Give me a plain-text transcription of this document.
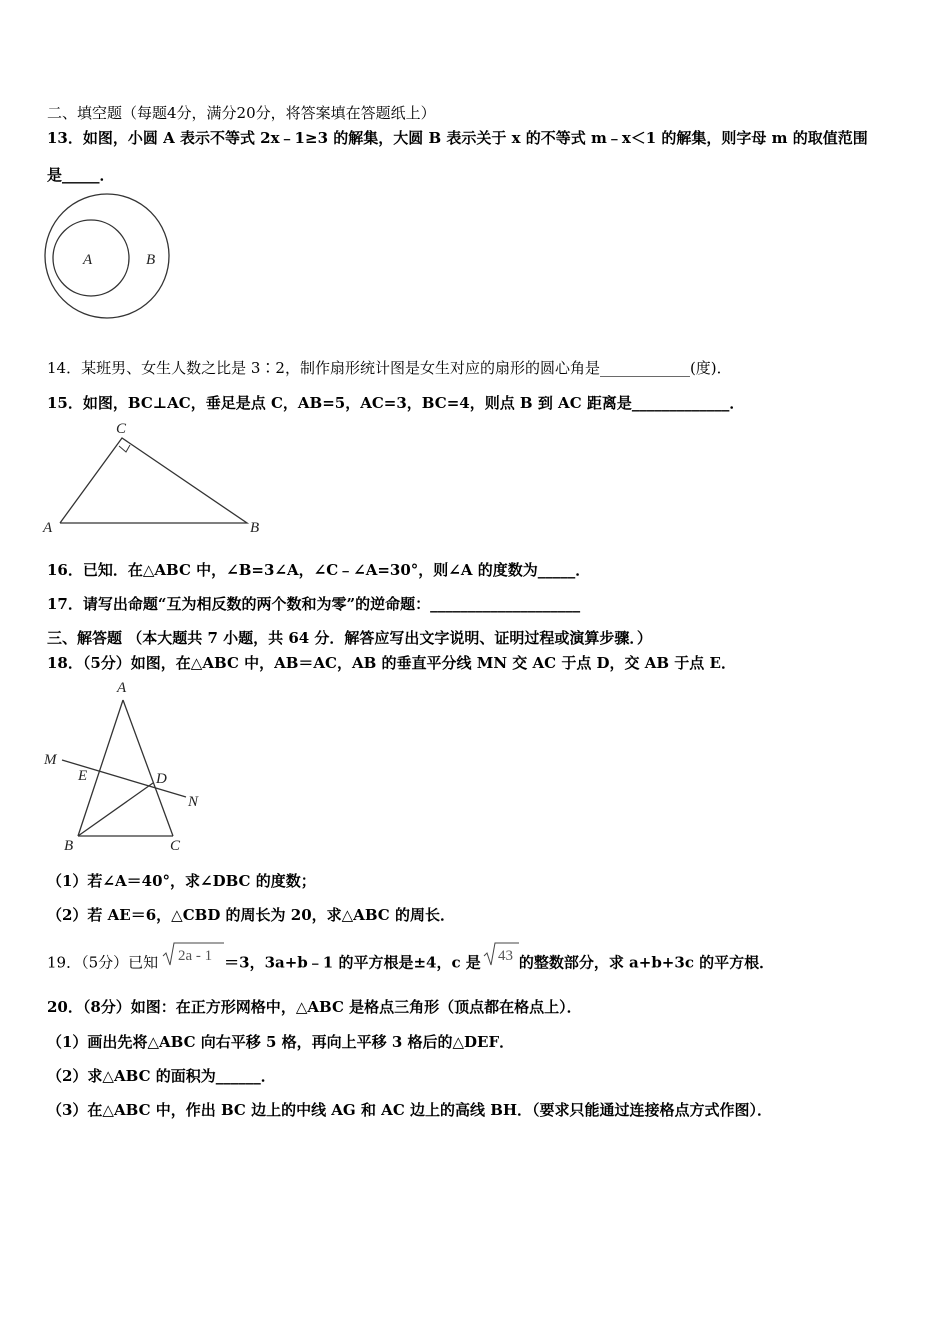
二、填空题（每题4分，满分20分，将答案填在答题纸上）
13．如图，小圆 A 表示不等式 2x﹣1≥3 的解集，大圆 B 表示关于 x 的不等式 m﹣x＜1 的解集，则字母 m 的取值范围
是_____．
A	B
14．某班男、女生人数之比是 3∶2，制作扇形统计图是女生对应的扇形的圆心角是____________(度)．
15．如图，BC⊥AC，垂足是点 C，AB=5，AC=3，BC=4，则点 B 到 AC 距离是_____________．
A	B
C
16．已知．在△ABC 中，∠B=3∠A，∠C﹣∠A=30°，则∠A 的度数为_____．
17．请写出命题“互为相反数的两个数和为零”的逆命题：____________________
三、解答题 （本大题共 7 小题，共 64 分．解答应写出文字说明、证明过程或演算步骤．）
18．（5分）如图，在△ABC 中，AB＝AC，AB 的垂直平分线 MN 交 AC 于点 D，交 AB 于点 E．
A
B	C
D
E
M
N
（1）若∠A＝40°，求∠DBC 的度数；
（2）若 AE＝6，△CBD 的周长为 20，求△ABC 的周长．
19．（5分）已知 2a - 1 ＝3，3a+b﹣1 的平方根是±4，c 是 43 的整数部分，求 a+b+3c 的平方根．
20．（8分）如图：在正方形网格中，△ABC 是格点三角形（顶点都在格点上）．
（1）画出先将△ABC 向右平移 5 格，再向上平移 3 格后的△DEF．
（2）求△ABC 的面积为______．
（3）在△ABC 中，作出 BC 边上的中线 AG 和 AC 边上的高线 BH．（要求只能通过连接格点方式作图）．
